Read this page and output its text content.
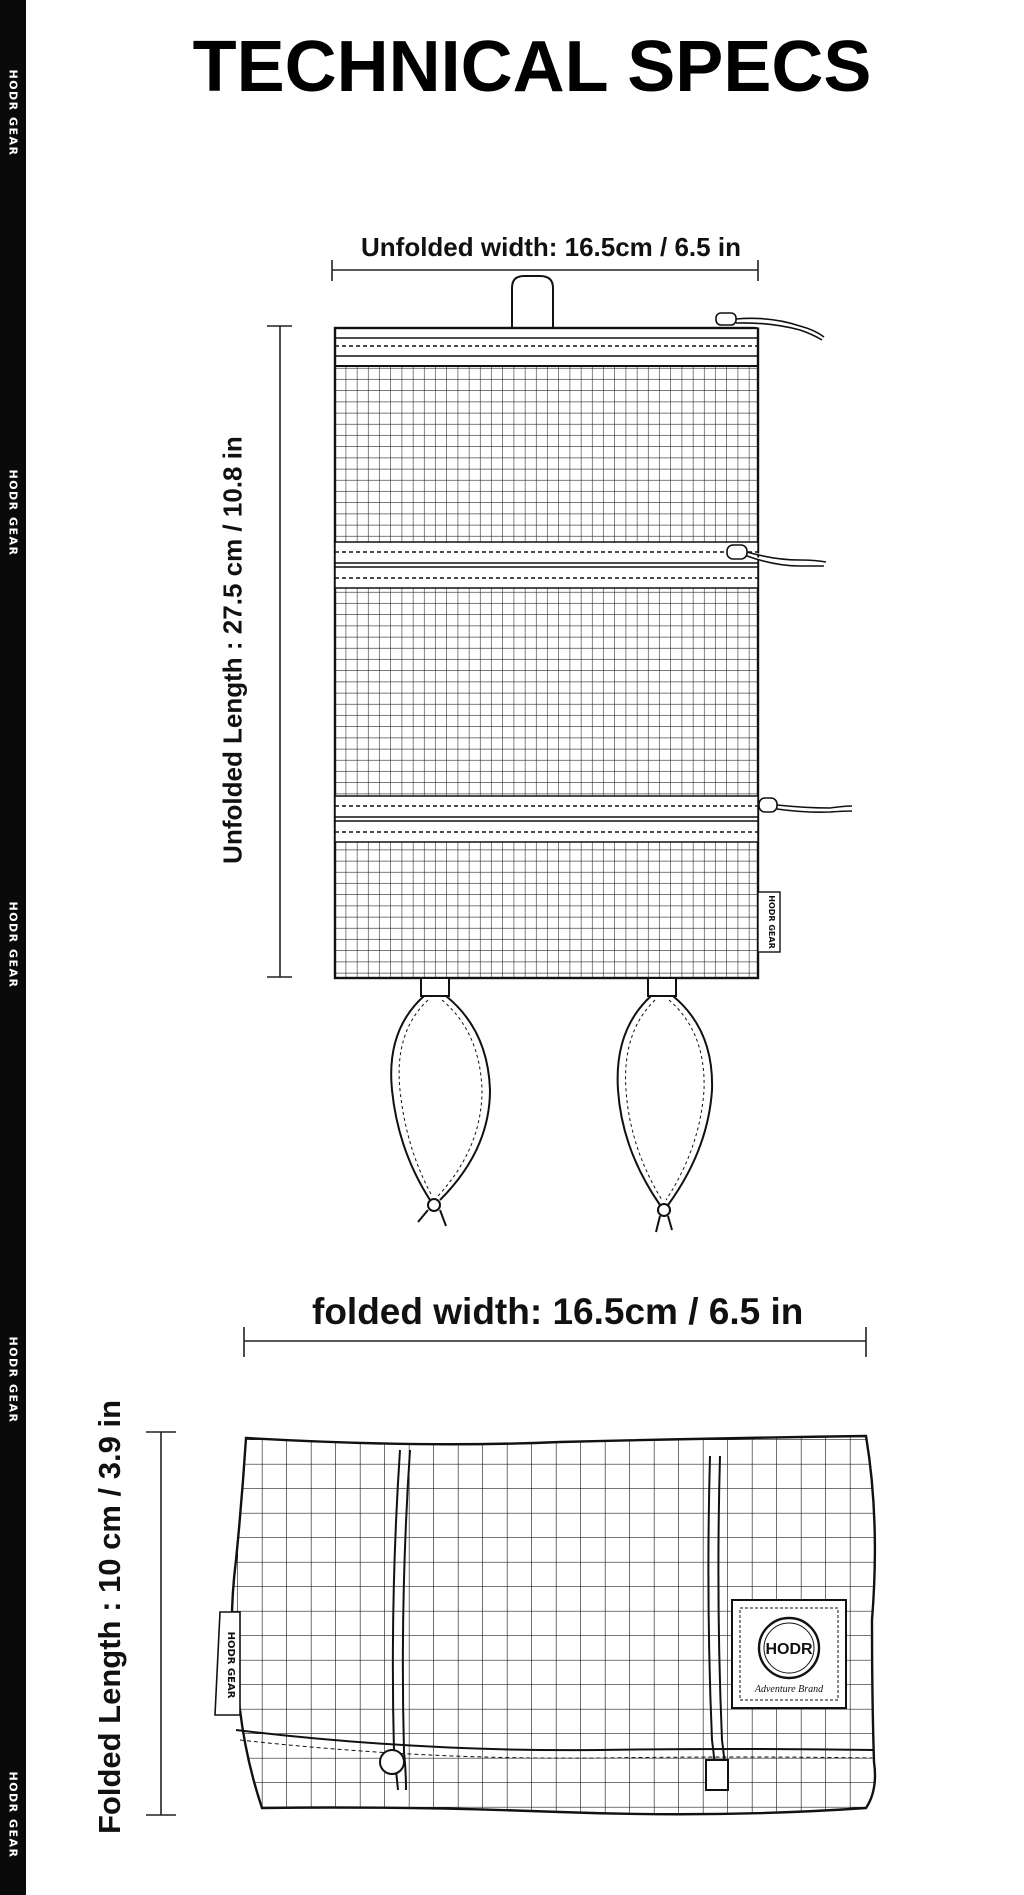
HODR GEAR
HODR GEAR
HODR GEAR
HODR GEAR
HODR GEAR
TECHNICAL SPECS
Unfolded width: 16.5cm / 6.5 in
Unfolded Length : 27.5 cm / 10.8 in
folded width: 16.5cm / 6.5 in
Folded Length : 10 cm / 3.9 in
HODR GEAR
HODR GEAR	HODR
Adventure Brand
